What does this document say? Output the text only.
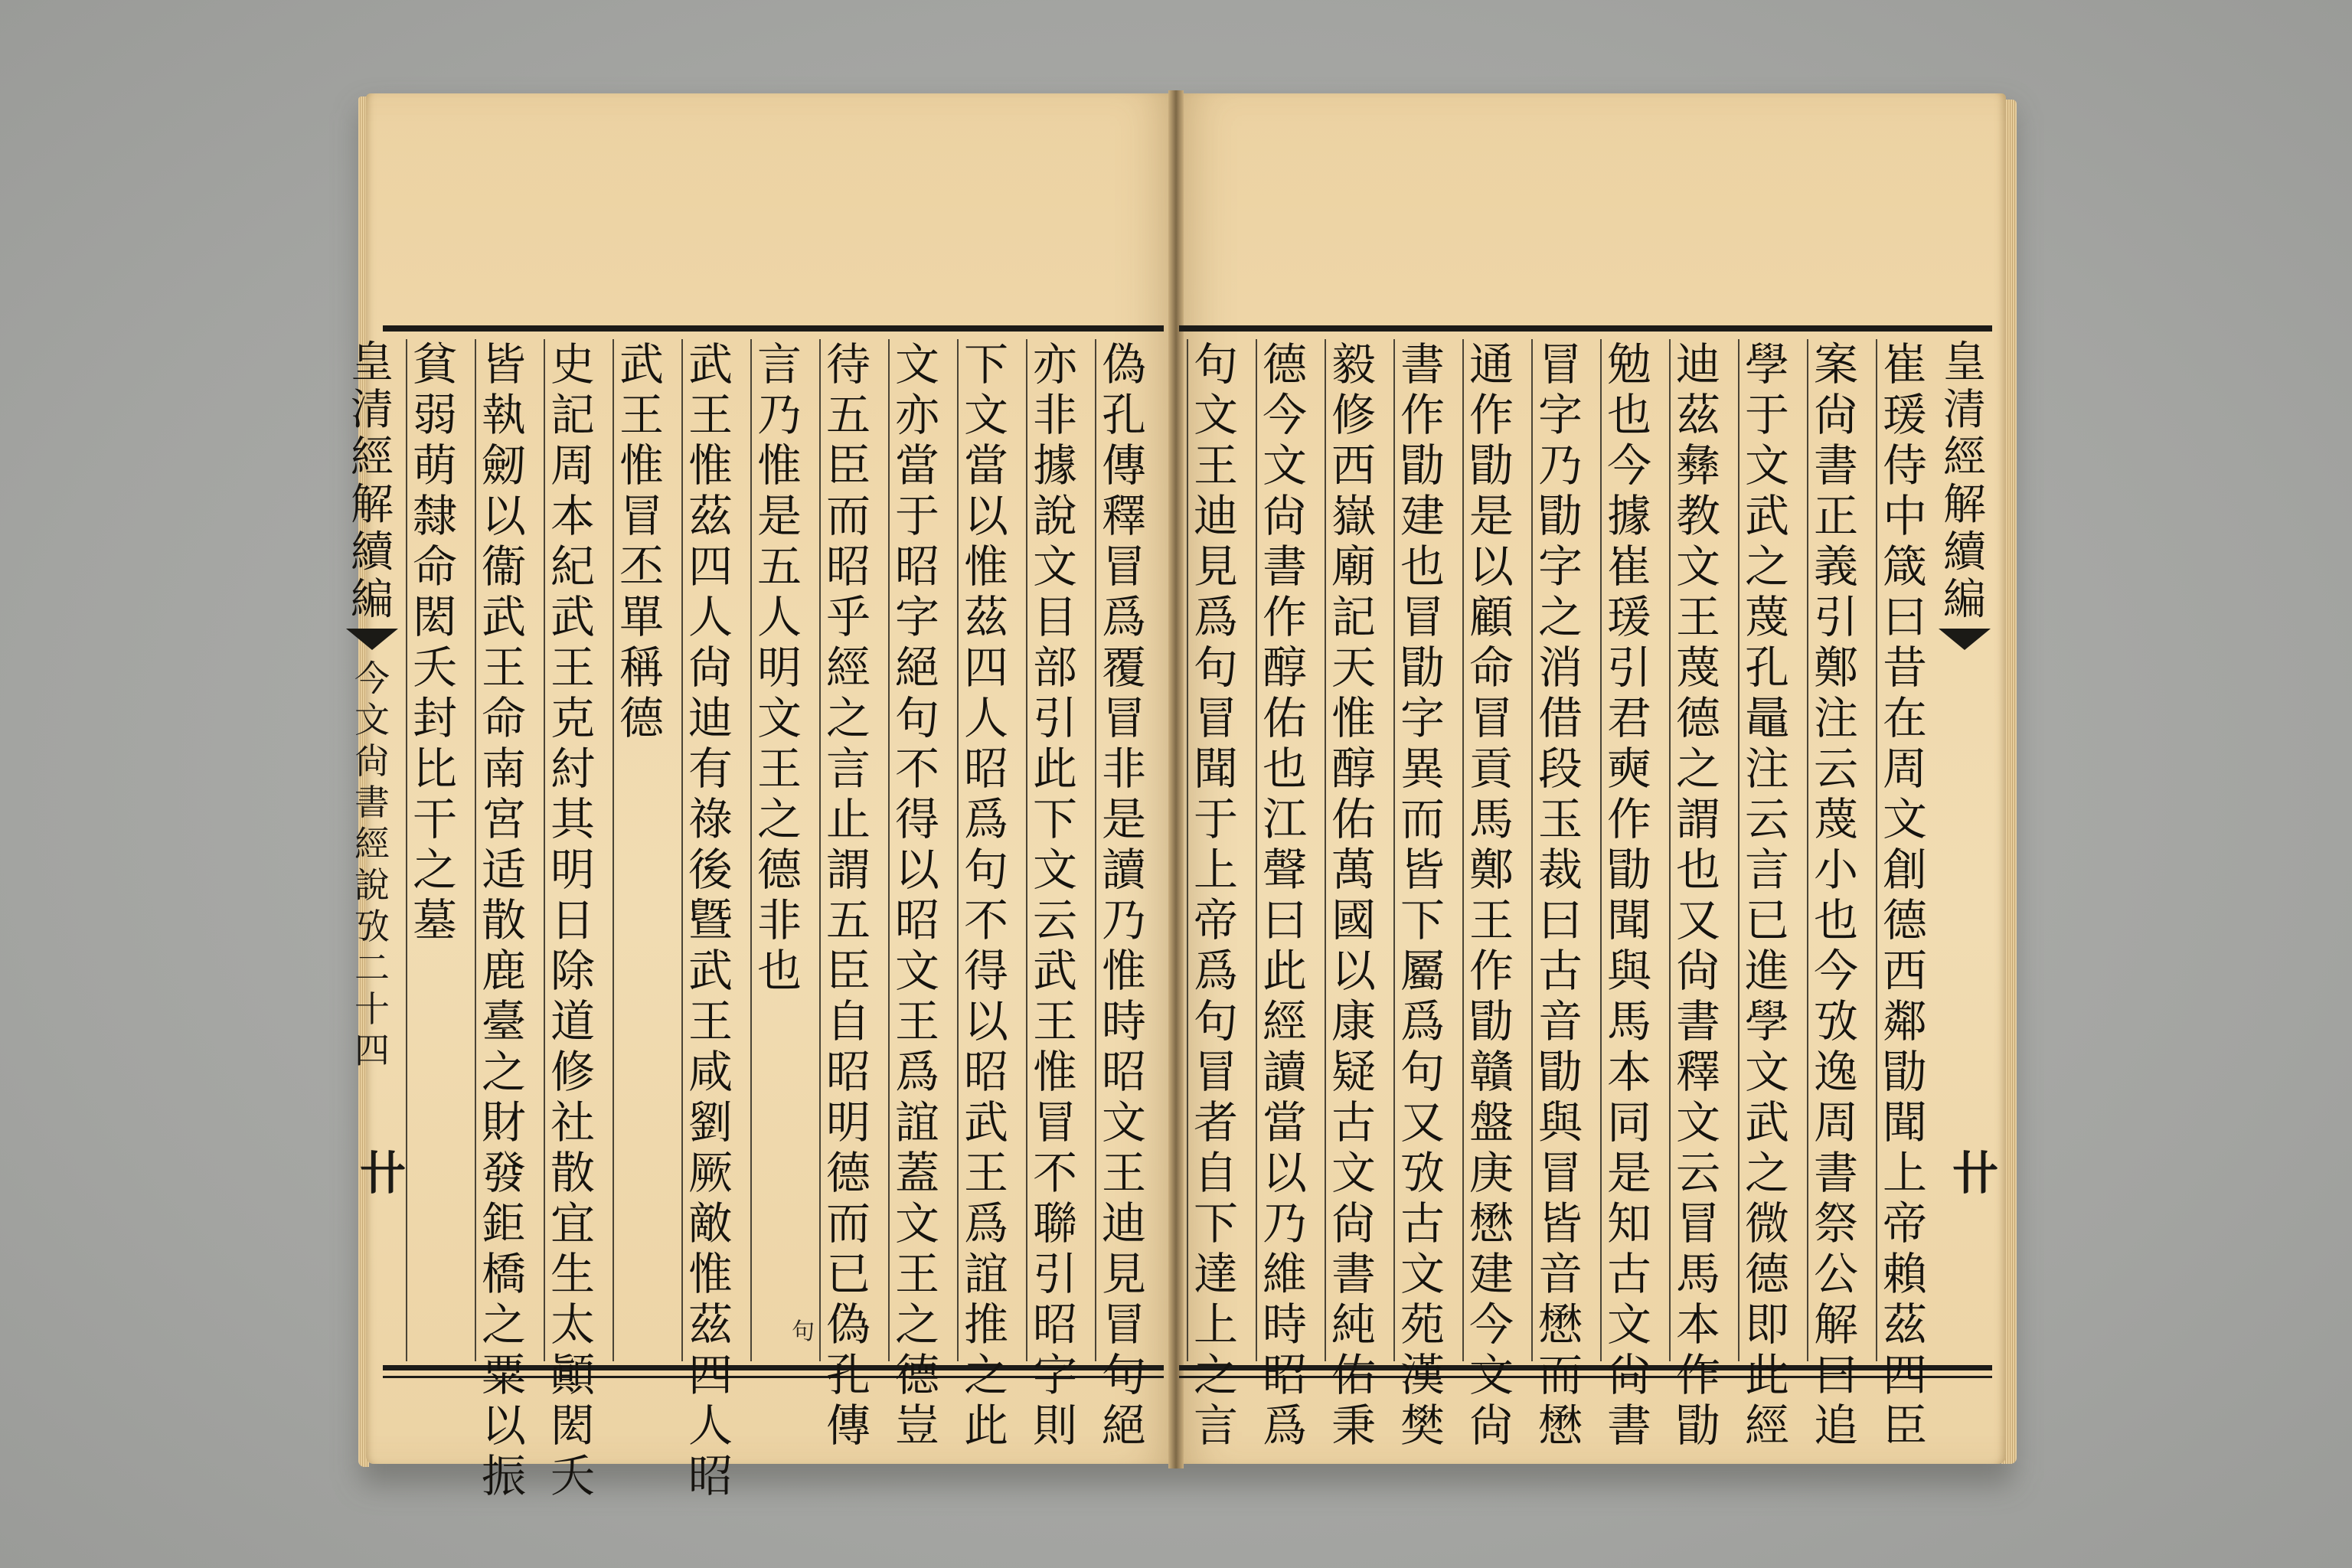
偽
孔
傳
釋
冒
爲
覆
冒
非
是
讀
乃
惟
時
昭
文
王
迪
見
冒
句
絕
亦
非
據
說
文
目
部
引
此
下
文
云
武
王
惟
冒
不
聯
引
昭
字
則
下
文
當
以
惟
茲
四
人
昭
爲
句
不
得
以
昭
武
王
爲
誼
推
之
此
文
亦
當
于
昭
字
絕
句
不
得
以
昭
文
王
爲
誼
蓋
文
王
之
德
豈
待
五
臣
而
昭
乎
經
之
言
止
謂
五
臣
自
昭
明
德
而
已
偽
孔
傳
言
乃
惟
是
五
人
明
文
王
之
德
非
也
句
武
王
惟
茲
四
人
尙
迪
有
祿
後
曁
武
王
咸
劉
厥
敵
惟
茲
四
人
昭
武
王
惟
冒
丕
單
稱
德
史
記
周
本
紀
武
王
克
紂
其
明
日
除
道
修
社
散
宜
生
太
顚
閎
夭
皆
執
劒
以
衞
武
王
命
南
宮
适
散
鹿
臺
之
財
發
鉅
橋
之
粟
以
振
貧
弱
萌
隸
命
閎
夭
封
比
干
之
墓
皇
清
經
解
續
編
今
文
尙
書
經
說
攷
二
十
四
卄
崔
瑗
侍
中
箴
曰
昔
在
周
文
創
德
西
鄰
勖
聞
上
帝
賴
茲
四
臣
案
尙
書
正
義
引
鄭
注
云
蔑
小
也
今
攷
逸
周
書
祭
公
解
曰
追
學
于
文
武
之
蔑
孔
鼂
注
云
言
已
進
學
文
武
之
微
德
即
此
經
迪
茲
彝
教
文
王
蔑
德
之
謂
也
又
尙
書
釋
文
云
冒
馬
本
作
勖
勉
也
今
據
崔
瑗
引
君
奭
作
勖
聞
與
馬
本
同
是
知
古
文
尙
書
冒
字
乃
勖
字
之
消
借
段
玉
裁
曰
古
音
勖
與
冒
皆
音
懋
而
懋
通
作
勖
是
以
顧
命
冒
貢
馬
鄭
王
作
勖
贛
盤
庚
懋
建
今
文
尙
書
作
勖
建
也
冒
勖
字
異
而
皆
下
屬
爲
句
又
攷
古
文
苑
漢
樊
毅
修
西
嶽
廟
記
天
惟
醇
佑
萬
國
以
康
疑
古
文
尙
書
純
佑
秉
德
今
文
尙
書
作
醇
佑
也
江
聲
曰
此
經
讀
當
以
乃
維
時
昭
爲
句
文
王
迪
見
爲
句
冒
聞
于
上
帝
爲
句
冒
者
自
下
達
上
之
言
皇
清
經
解
續
編
卄
